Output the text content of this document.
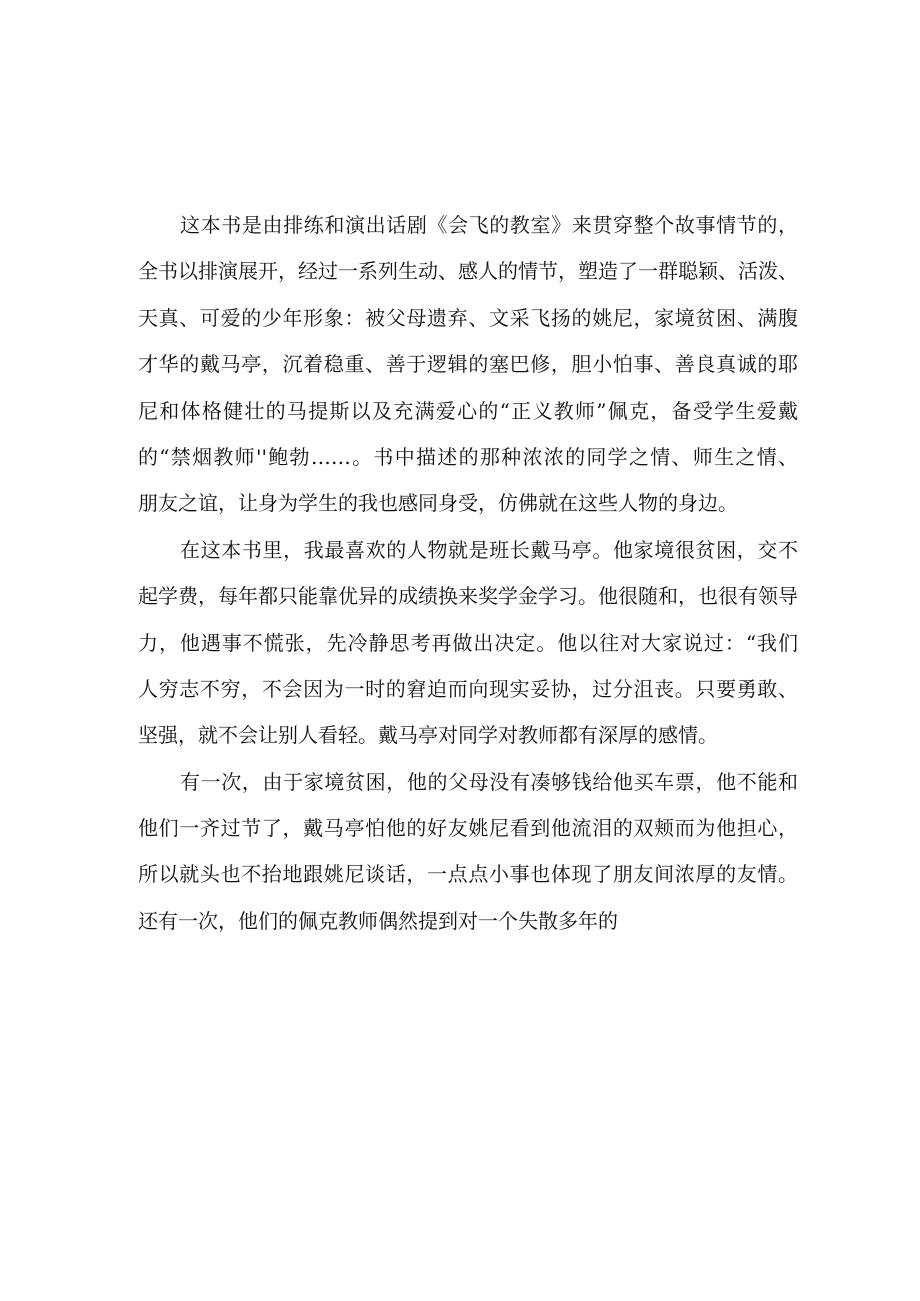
这本书是由排练和演出话剧《会飞的教室》来贯穿整个故事情节的，
全书以排演展开，经过一系列生动、感人的情节，塑造了一群聪颖、活泼、
天真、可爱的少年形象：被父母遗弃、文采飞扬的姚尼，家境贫困、满腹
才华的戴马亭，沉着稳重、善于逻辑的塞巴修，胆小怕事、善良真诚的耶
尼和体格健壮的马提斯以及充满爱心的“正义教师”佩克，备受学生爱戴
的“禁烟教师''鲍勃……。书中描述的那种浓浓的同学之情、师生之情、
朋友之谊，让身为学生的我也感同身受，仿佛就在这些人物的身边。
在这本书里，我最喜欢的人物就是班长戴马亭。他家境很贫困，交不
起学费，每年都只能靠优异的成绩换来奖学金学习。他很随和，也很有领导
力，他遇事不慌张，先冷静思考再做出决定。他以往对大家说过：“我们
人穷志不穷，不会因为一时的窘迫而向现实妥协，过分沮丧。只要勇敢、
坚强，就不会让别人看轻。戴马亭对同学对教师都有深厚的感情。
有一次，由于家境贫困，他的父母没有凑够钱给他买车票，他不能和
他们一齐过节了，戴马亭怕他的好友姚尼看到他流泪的双颊而为他担心，
所以就头也不抬地跟姚尼谈话，一点点小事也体现了朋友间浓厚的友情。
还有一次，他们的佩克教师偶然提到对一个失散多年的
